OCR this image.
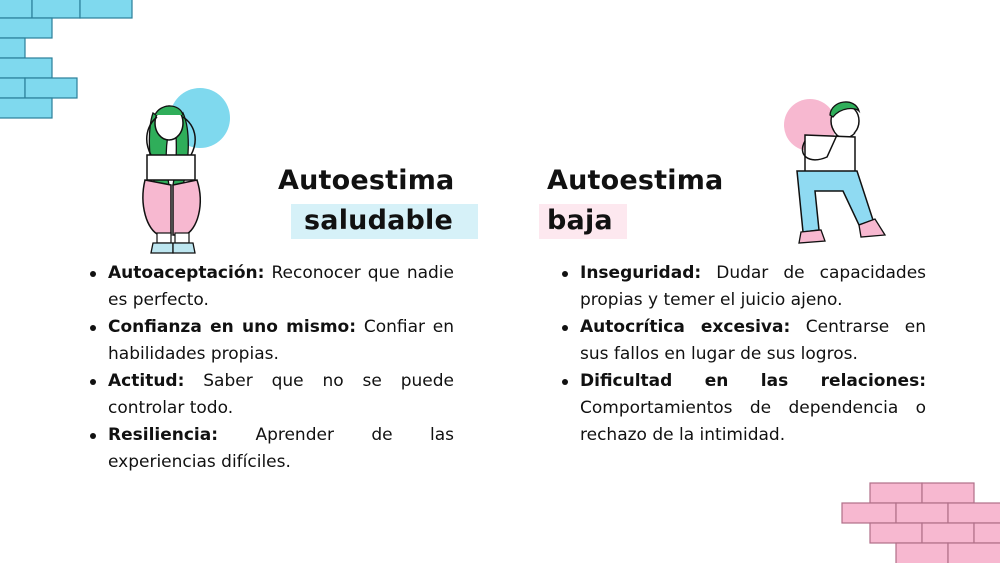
Autoestima
saludable
Autoestima
baja
Autoaceptación: Reconocer que nadie es perfecto.
Confianza en uno mismo: Confiar en habilidades propias.
Actitud: Saber que no se puede controlar todo.
Resiliencia: Aprender de las experiencias difíciles.
Inseguridad: Dudar de capacidades propias y temer el juicio ajeno.
Autocrítica excesiva: Centrarse en sus fallos en lugar de sus logros.
Dificultad en las relaciones: Comportamientos de dependencia o rechazo de la intimidad.
